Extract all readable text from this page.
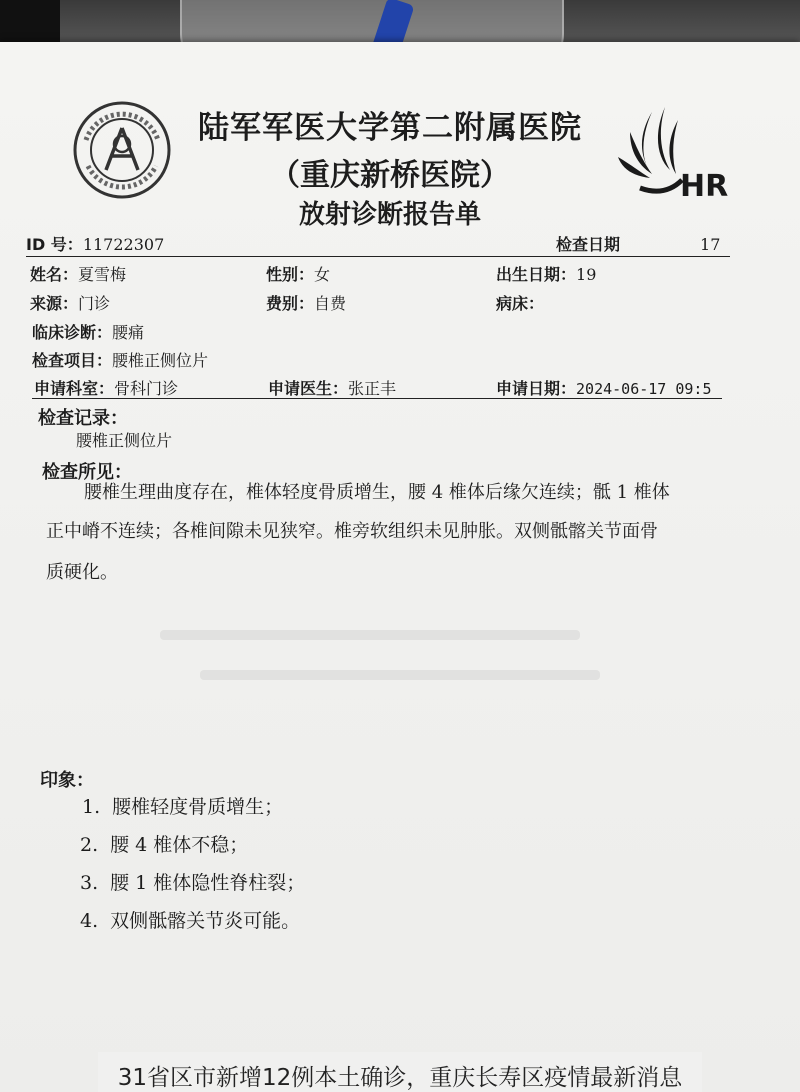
陆军军医大学第二附属医院
（重庆新桥医院）
放射诊断报告单
HR
ID 号：11722307	检查日期	17
姓名：夏雪梅	性别：女	出生日期：19
来源：门诊	费别：自费	病床：
临床诊断：腰痛
检查项目：腰椎正侧位片
申请科室：骨科门诊	申请医生：张正丰	申请日期：2024-06-17 09:5
检查记录：
腰椎正侧位片
检查所见：
腰椎生理曲度存在，椎体轻度骨质增生，腰 4 椎体后缘欠连续；骶 1 椎体
正中嵴不连续；各椎间隙未见狭窄。椎旁软组织未见肿胀。双侧骶髂关节面骨
质硬化。
印象：
1. 腰椎轻度骨质增生；
2. 腰 4 椎体不稳；
3. 腰 1 椎体隐性脊柱裂；
4. 双侧骶髂关节炎可能。
31省区市新增12例本土确诊，重庆长寿区疫情最新消息
